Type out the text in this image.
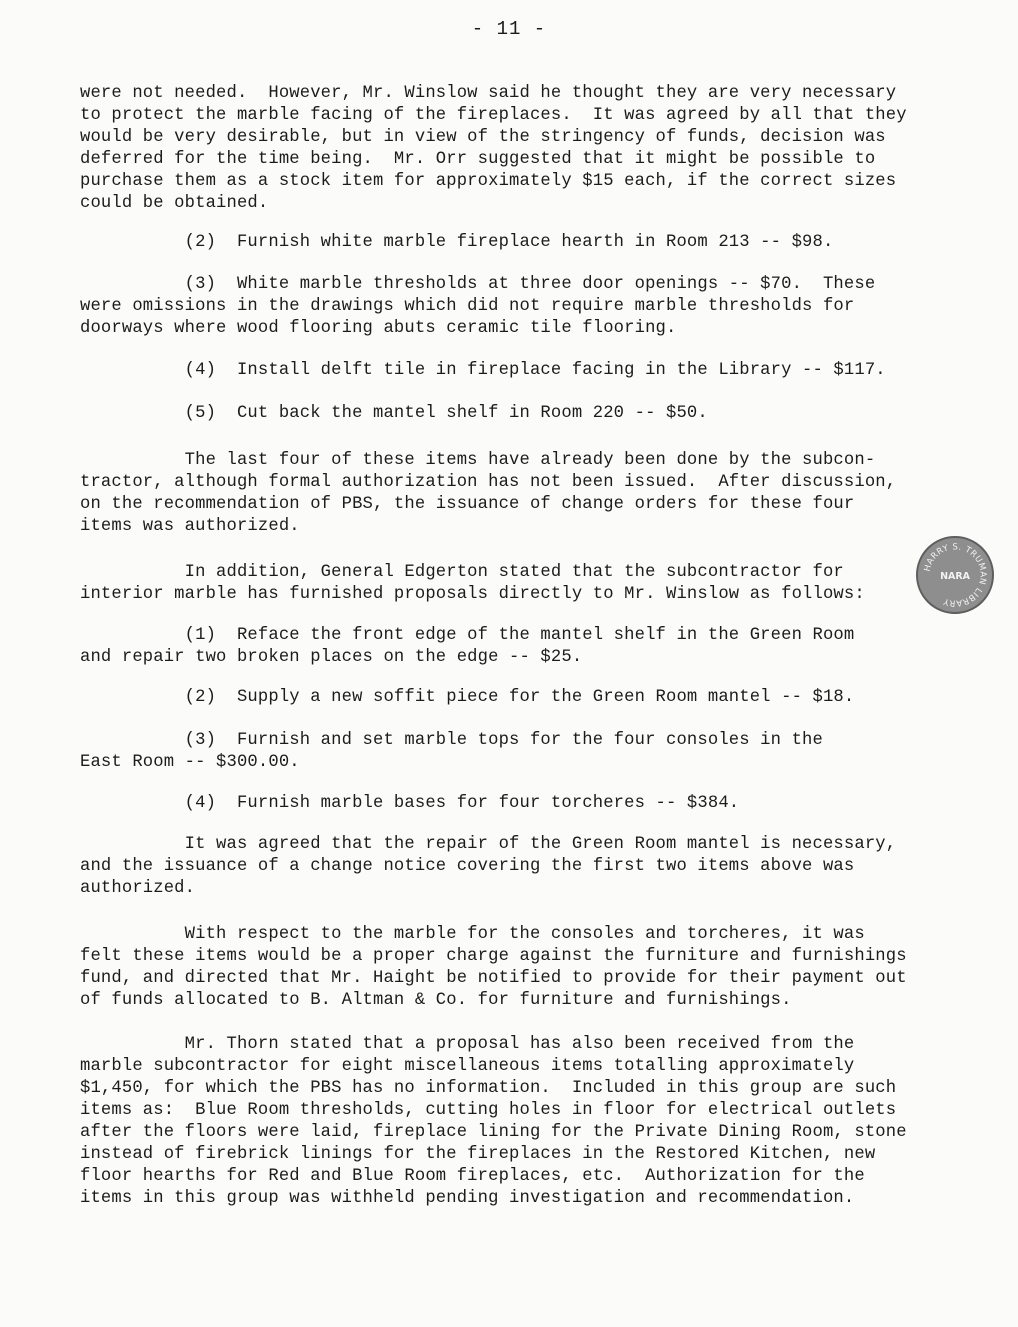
- 11 -

were not needed.  However, Mr. Winslow said he thought they are very necessary

to protect the marble facing of the fireplaces.  It was agreed by all that they

would be very desirable, but in view of the stringency of funds, decision was

deferred for the time being.  Mr. Orr suggested that it might be possible to

purchase them as a stock item for approximately $15 each, if the correct sizes

could be obtained.

(2)  Furnish white marble fireplace hearth in Room 213 -- $98.

(3)  White marble thresholds at three door openings -- $70.  These

were omissions in the drawings which did not require marble thresholds for

doorways where wood flooring abuts ceramic tile flooring.

(4)  Install delft tile in fireplace facing in the Library -- $117.

(5)  Cut back the mantel shelf in Room 220 -- $50.

The last four of these items have already been done by the subcon-

tractor, although formal authorization has not been issued.  After discussion,

on the recommendation of PBS, the issuance of change orders for these four

items was authorized.

In addition, General Edgerton stated that the subcontractor for

interior marble has furnished proposals directly to Mr. Winslow as follows:

(1)  Reface the front edge of the mantel shelf in the Green Room

and repair two broken places on the edge -- $25.

(2)  Supply a new soffit piece for the Green Room mantel -- $18.

(3)  Furnish and set marble tops for the four consoles in the

East Room -- $300.00.

(4)  Furnish marble bases for four torcheres -- $384.

It was agreed that the repair of the Green Room mantel is necessary,

and the issuance of a change notice covering the first two items above was

authorized.

With respect to the marble for the consoles and torcheres, it was

felt these items would be a proper charge against the furniture and furnishings

fund, and directed that Mr. Haight be notified to provide for their payment out

of funds allocated to B. Altman & Co. for furniture and furnishings.

Mr. Thorn stated that a proposal has also been received from the

marble subcontractor for eight miscellaneous items totalling approximately

$1,450, for which the PBS has no information.  Included in this group are such

items as:  Blue Room thresholds, cutting holes in floor for electrical outlets

after the floors were laid, fireplace lining for the Private Dining Room, stone

instead of firebrick linings for the fireplaces in the Restored Kitchen, new

floor hearths for Red and Blue Room fireplaces, etc.  Authorization for the

items in this group was withheld pending investigation and recommendation.

HARRY S. TRUMAN LIBRARY
NARA
